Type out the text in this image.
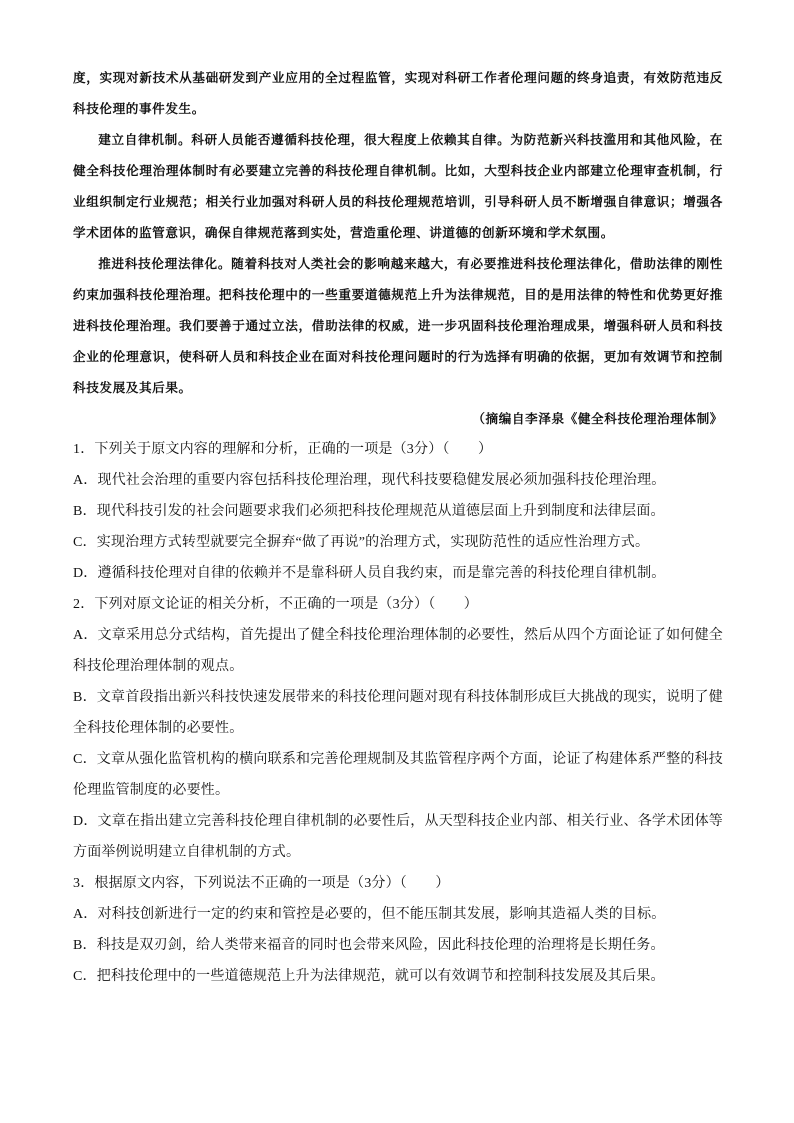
度，实现对新技术从基础研发到产业应用的全过程监管，实现对科研工作者伦理问题的终身追责，有效防范违反科技伦理的事件发生。

建立自律机制。科研人员能否遵循科技伦理，很大程度上依赖其自律。为防范新兴科技滥用和其他风险，在健全科技伦理治理体制时有必要建立完善的科技伦理自律机制。比如，大型科技企业内部建立伦理审查机制，行业组织制定行业规范；相关行业加强对科研人员的科技伦理规范培训，引导科研人员不断增强自律意识；增强各学术团体的监管意识，确保自律规范落到实处，营造重伦理、讲道德的创新环境和学术氛围。

推进科技伦理法律化。随着科技对人类社会的影响越来越大，有必要推进科技伦理法律化，借助法律的刚性约束加强科技伦理治理。把科技伦理中的一些重要道德规范上升为法律规范，目的是用法律的特性和优势更好推进科技伦理治理。我们要善于通过立法，借助法律的权威，进一步巩固科技伦理治理成果，增强科研人员和科技企业的伦理意识，使科研人员和科技企业在面对科技伦理问题时的行为选择有明确的依据，更加有效调节和控制科技发展及其后果。

（摘编自李泽泉《健全科技伦理治理体制》

1．下列关于原文内容的理解和分析，正确的一项是（3分）（　　）

A．现代社会治理的重要内容包括科技伦理治理，现代科技要稳健发展必须加强科技伦理治理。

B．现代科技引发的社会问题要求我们必须把科技伦理规范从道德层面上升到制度和法律层面。

C．实现治理方式转型就要完全摒弃“做了再说”的治理方式，实现防范性的适应性治理方式。

D．遵循科技伦理对自律的依赖并不是靠科研人员自我约束，而是靠完善的科技伦理自律机制。

2．下列对原文论证的相关分析，不正确的一项是（3分）（　　）

A．文章采用总分式结构，首先提出了健全科技伦理治理体制的必要性，然后从四个方面论证了如何健全科技伦理治理体制的观点。

B．文章首段指出新兴科技快速发展带来的科技伦理问题对现有科技体制形成巨大挑战的现实，说明了健全科技伦理体制的必要性。

C．文章从强化监管机构的横向联系和完善伦理规制及其监管程序两个方面，论证了构建体系严整的科技伦理监管制度的必要性。

D．文章在指出建立完善科技伦理自律机制的必要性后，从天型科技企业内部、相关行业、各学术团体等方面举例说明建立自律机制的方式。

3．根据原文内容，下列说法不正确的一项是（3分）（　　）

A．对科技创新进行一定的约束和管控是必要的，但不能压制其发展，影响其造福人类的目标。

B．科技是双刃剑，给人类带来福音的同时也会带来风险，因此科技伦理的治理将是长期任务。

C．把科技伦理中的一些道德规范上升为法律规范，就可以有效调节和控制科技发展及其后果。
